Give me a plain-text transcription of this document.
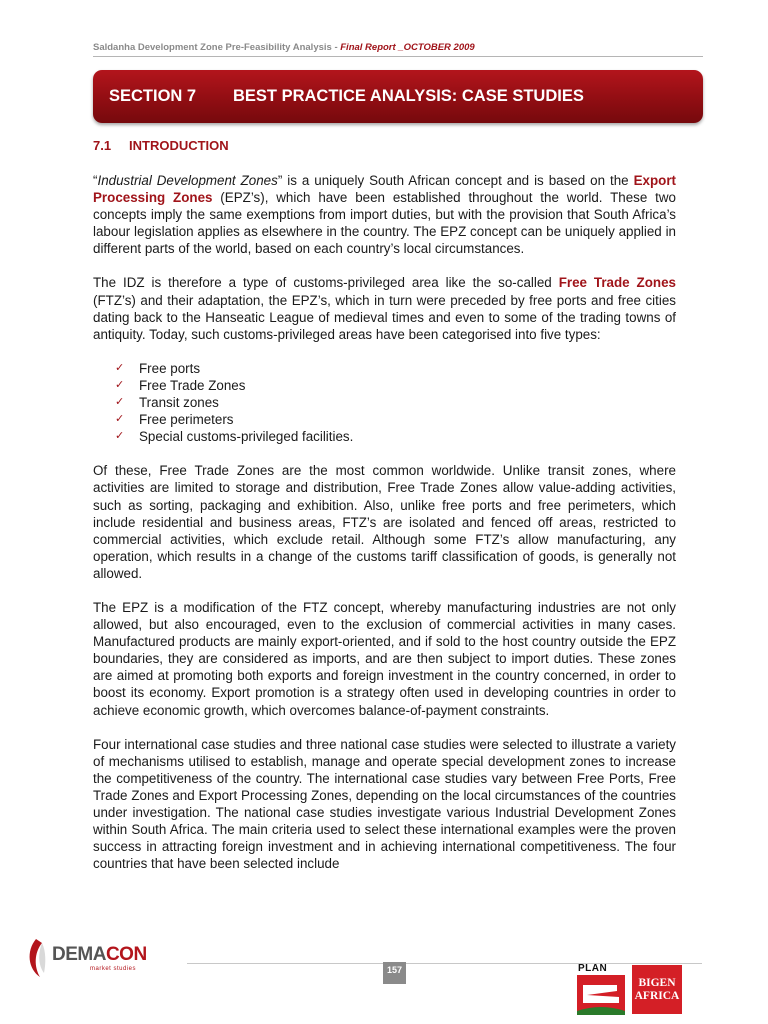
Saldanha Development Zone Pre-Feasibility Analysis - Final Report _OCTOBER 2009
SECTION 7	BEST PRACTICE ANALYSIS: CASE STUDIES
7.1 INTRODUCTION

“Industrial Development Zones” is a uniquely South African concept and is based on the Export Processing Zones (EPZ’s), which have been established throughout the world. These two concepts imply the same exemptions from import duties, but with the provision that South Africa’s labour legislation applies as elsewhere in the country. The EPZ concept can be uniquely applied in different parts of the world, based on each country’s local circumstances.

The IDZ is therefore a type of customs-privileged area like the so-called Free Trade Zones (FTZ’s) and their adaptation, the EPZ’s, which in turn were preceded by free ports and free cities dating back to the Hanseatic League of medieval times and even to some of the trading towns of antiquity. Today, such customs-privileged areas have been categorised into five types:

✓ Free ports
✓ Free Trade Zones
✓ Transit zones
✓ Free perimeters
✓ Special customs-privileged facilities.

Of these, Free Trade Zones are the most common worldwide. Unlike transit zones, where activities are limited to storage and distribution, Free Trade Zones allow value-adding activities, such as sorting, packaging and exhibition. Also, unlike free ports and free perimeters, which include residential and business areas, FTZ’s are isolated and fenced off areas, restricted to commercial activities, which exclude retail. Although some FTZ’s allow manufacturing, any operation, which results in a change of the customs tariff classification of goods, is generally not allowed.

The EPZ is a modification of the FTZ concept, whereby manufacturing industries are not only allowed, but also encouraged, even to the exclusion of commercial activities in many cases. Manufactured products are mainly export-oriented, and if sold to the host country outside the EPZ boundaries, they are considered as imports, and are then subject to import duties. These zones are aimed at promoting both exports and foreign investment in the country concerned, in order to boost its economy. Export promotion is a strategy often used in developing countries in order to achieve economic growth, which overcomes balance-of-payment constraints.

Four international case studies and three national case studies were selected to illustrate a variety of mechanisms utilised to establish, manage and operate special development zones to increase the competitiveness of the country. The international case studies vary between Free Ports, Free Trade Zones and Export Processing Zones, depending on the local circumstances of the countries under investigation. The national case studies investigate various Industrial Development Zones within South Africa. The main criteria used to select these international examples were the proven success in attracting foreign investment and in achieving international competitiveness. The four countries that have been selected include

DEMACON
market studies	157	PLAN
BIGEN
AFRICA
